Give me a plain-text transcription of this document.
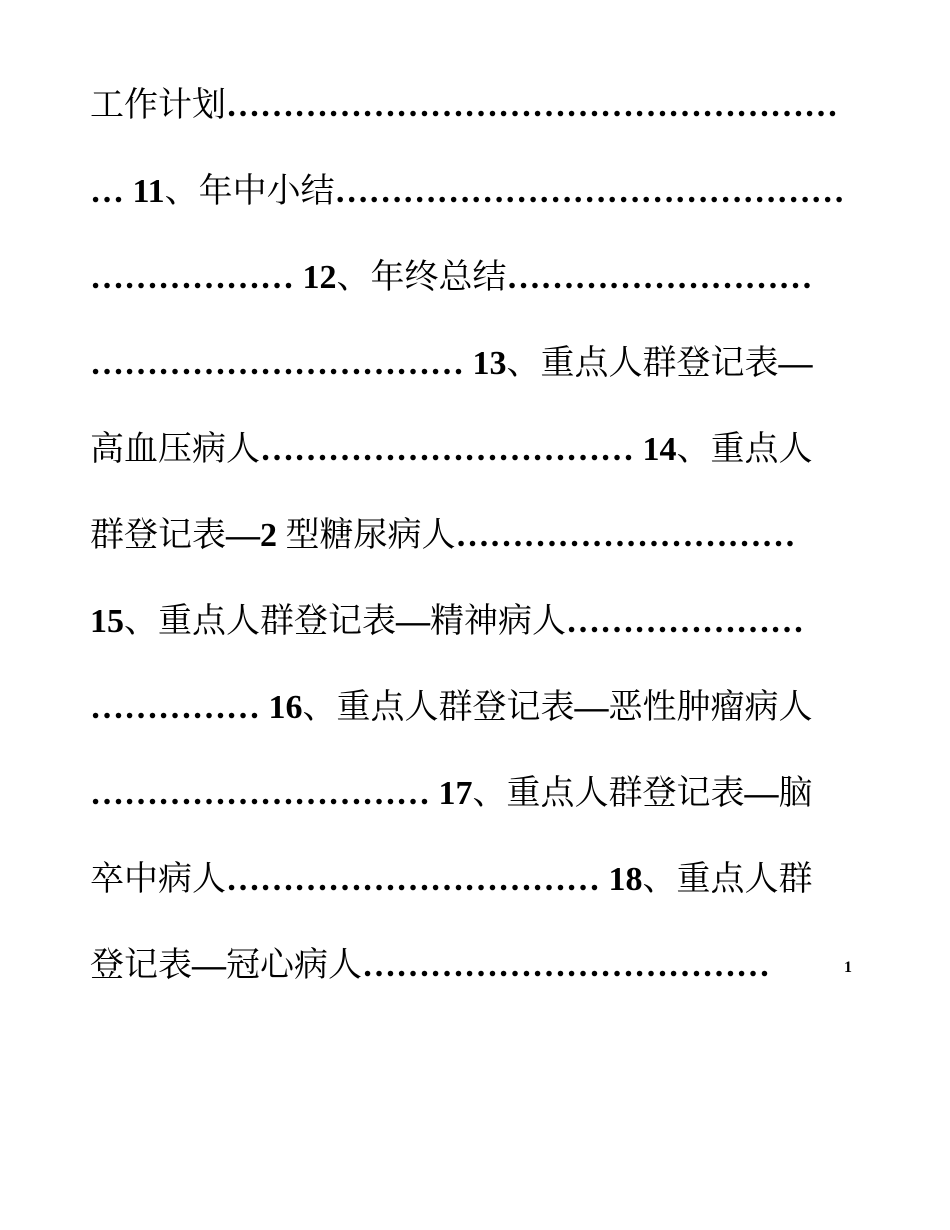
工作计划………………………………………………
… 11、年中小结………………………………………
……………… 12、年终总结………………………
…………………………… 13、重点人群登记表—
高血压病人…………………………… 14、重点人
群登记表—2 型糖尿病人…………………………
15、重点人群登记表—精神病人…………………
…………… 16、重点人群登记表—恶性肿瘤病人
………………………… 17、重点人群登记表—脑
卒中病人…………………………… 18、重点人群
登记表—冠心病人………………………………	1
